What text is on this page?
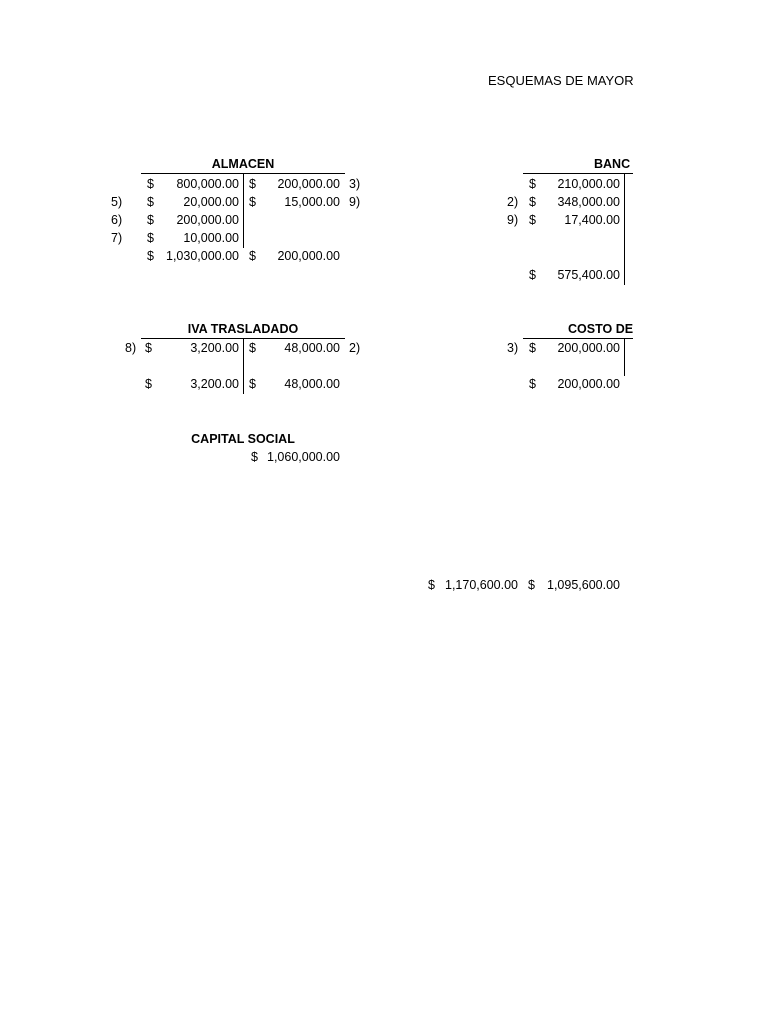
ESQUEMAS DE MAYOR
ALMACEN
$	800,000.00 $	200,000.00 3)
5) $	20,000.00 $	15,000.00 9)
6) $	200,000.00
7) $	10,000.00
$ 1,030,000.00 $	200,000.00
BANC
$	210,000.00
2) $	348,000.00
9) $	17,400.00
$	575,400.00
IVA TRASLADADO
8) $	3,200.00 $	48,000.00 2)
$	3,200.00 $	48,000.00
COSTO DE
3) $	200,000.00
$	200,000.00
CAPITAL SOCIAL
$ 1,060,000.00
$ 1,170,600.00 $ 1,095,600.00
